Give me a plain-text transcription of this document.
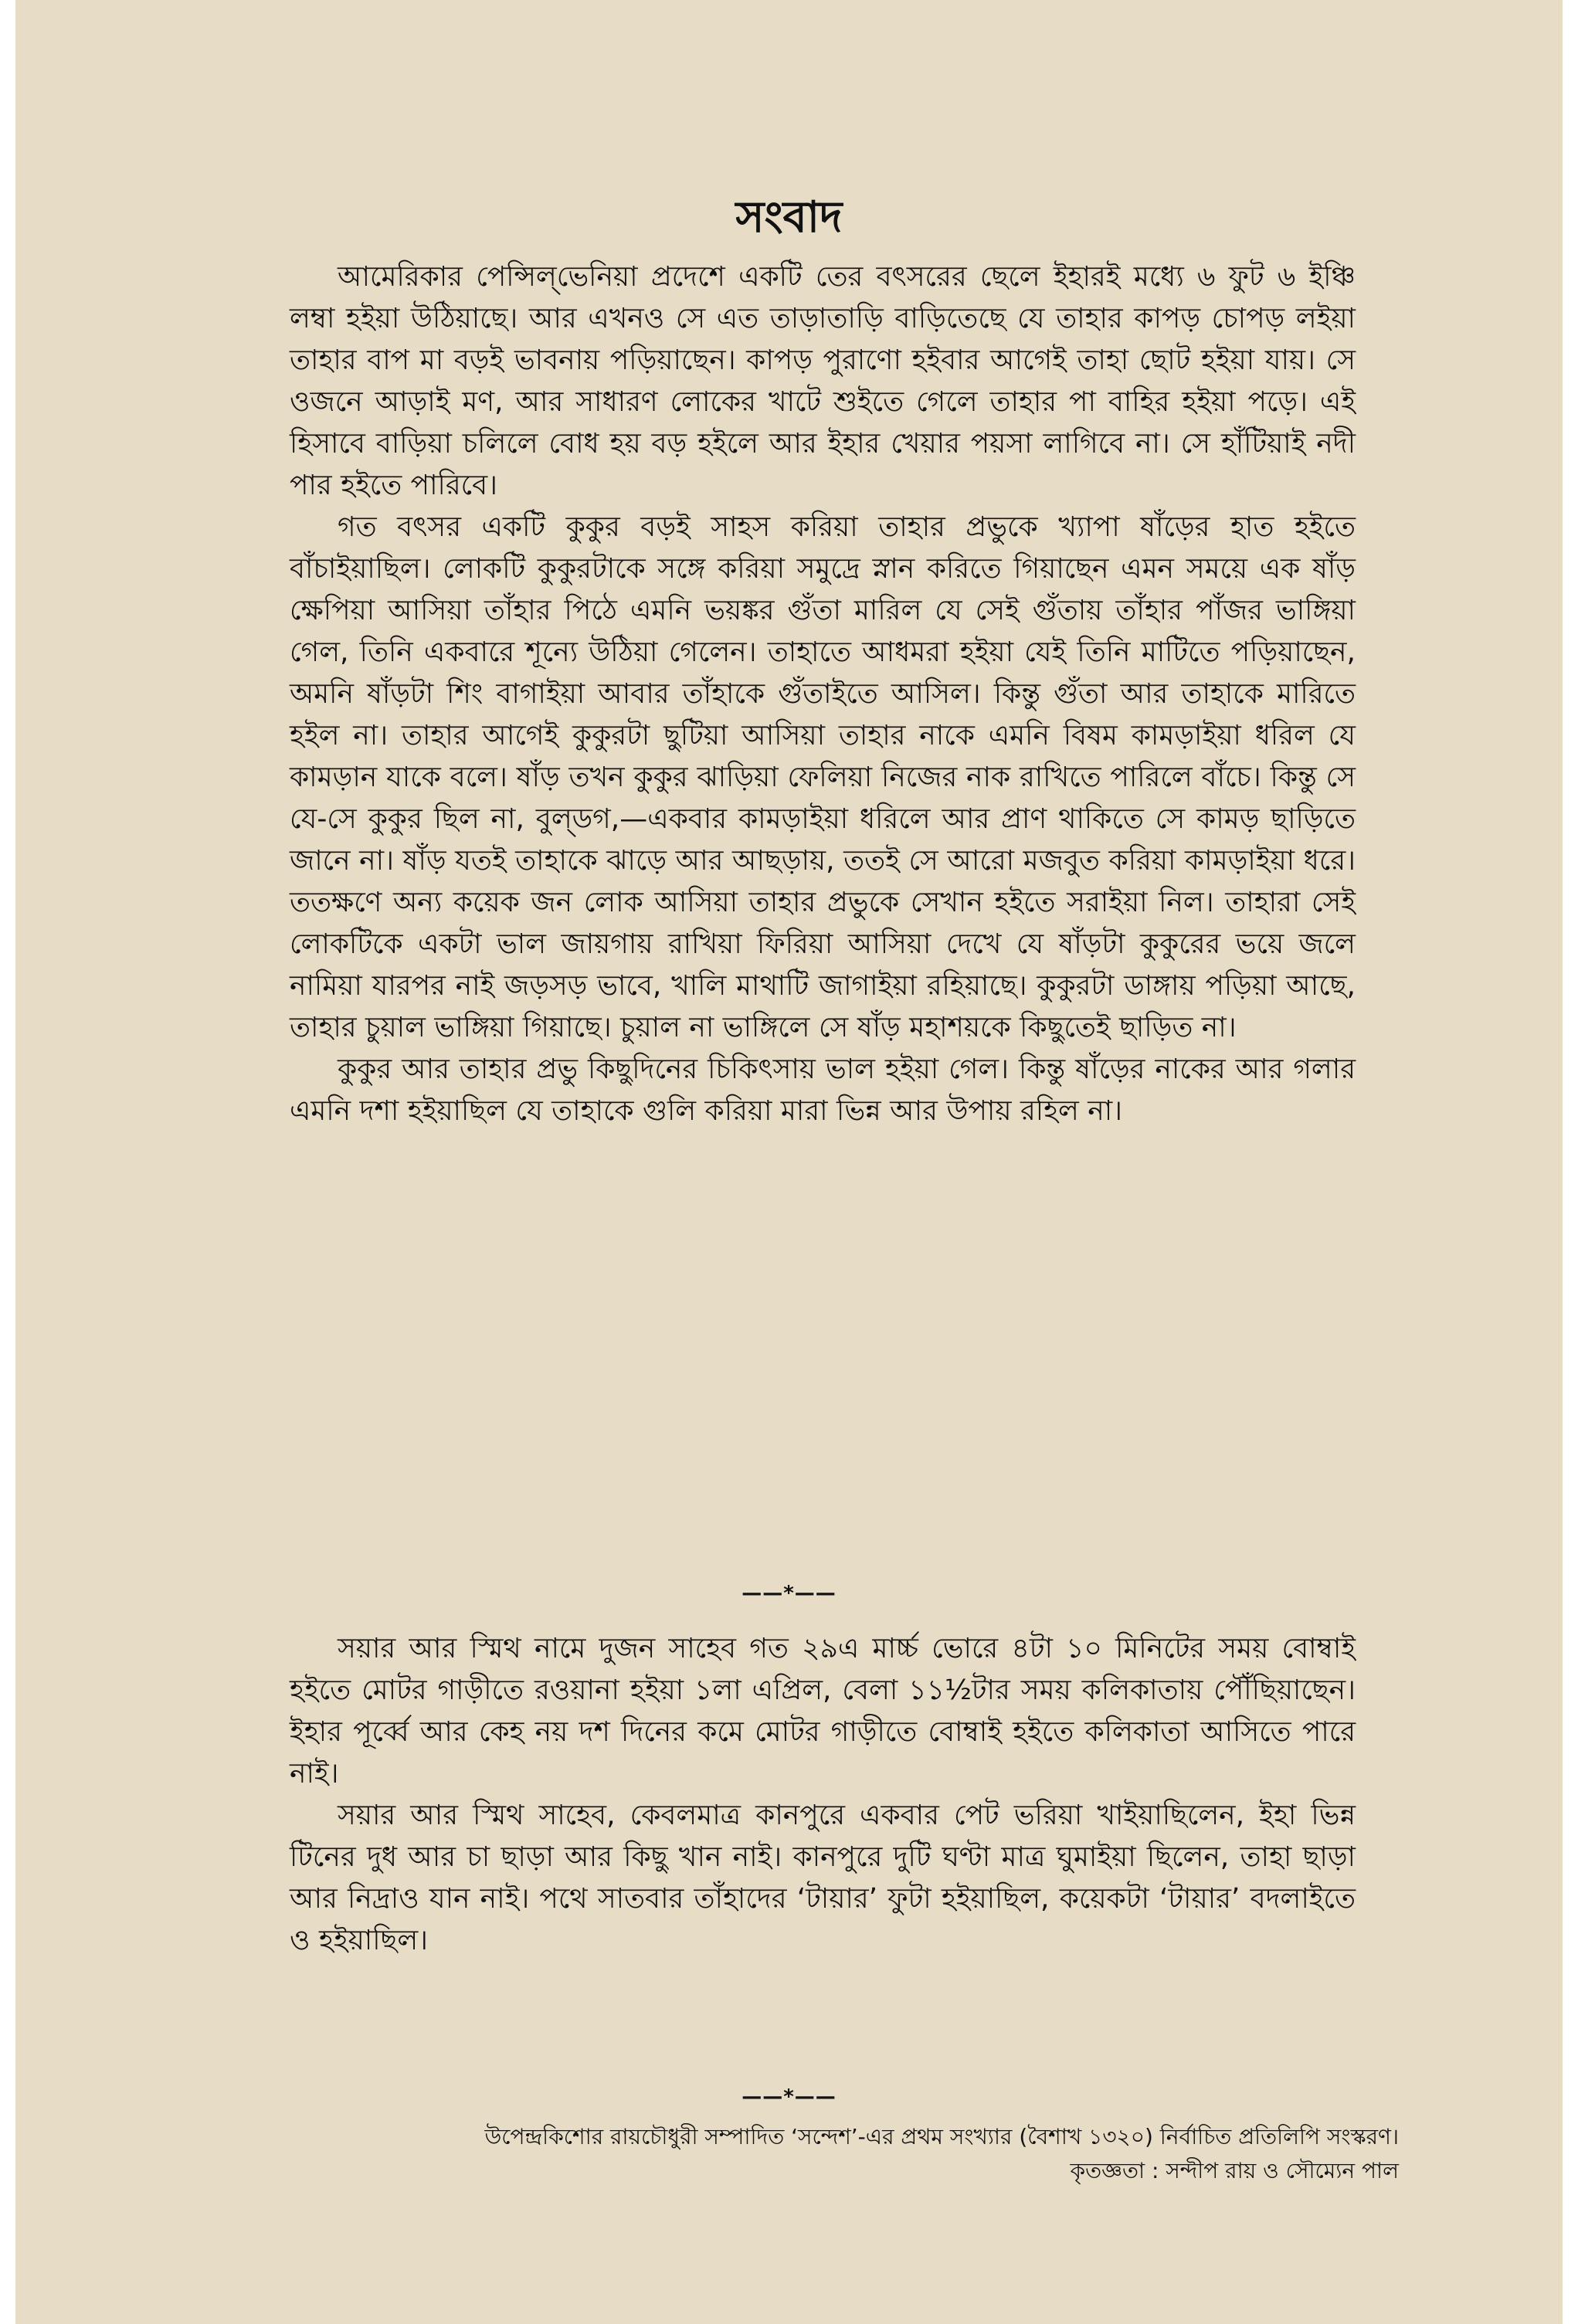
সংবাদ

আমেরিকার পেন্সিল্‌ভেনিয়া প্রদেশে একটি তের বৎসরের ছেলে ইহারই মধ্যে ৬ ফুট ৬ ইঞ্চি লম্বা হইয়া উঠিয়াছে। আর এখনও সে এত তাড়াতাড়ি বাড়িতেছে যে তাহার কাপড় চোপড় লইয়া তাহার বাপ মা বড়ই ভাবনায় পড়িয়াছেন। কাপড় পুরাণো হইবার আগেই তাহা ছোট হইয়া যায়। সে ওজনে আড়াই মণ, আর সাধারণ লোকের খাটে শুইতে গেলে তাহার পা বাহির হইয়া পড়ে। এই হিসাবে বাড়িয়া চলিলে বোধ হয় বড় হইলে আর ইহার খেয়ার পয়সা লাগিবে না। সে হাঁটিয়াই নদী পার হইতে পারিবে।

গত বৎসর একটি কুকুর বড়ই সাহস করিয়া তাহার প্রভুকে খ্যাপা ষাঁড়ের হাত হইতে বাঁচাইয়াছিল। লোকটি কুকুরটাকে সঙ্গে করিয়া সমুদ্রে স্নান করিতে গিয়াছেন এমন সময়ে এক ষাঁড় ক্ষেপিয়া আসিয়া তাঁহার পিঠে এমনি ভয়ঙ্কর গুঁতা মারিল যে সেই গুঁতায় তাঁহার পাঁজর ভাঙ্গিয়া গেল, তিনি একবারে শূন্যে উঠিয়া গেলেন। তাহাতে আধমরা হইয়া যেই তিনি মাটিতে পড়িয়াছেন, অমনি ষাঁড়টা শিং বাগাইয়া আবার তাঁহাকে গুঁতাইতে আসিল। কিন্তু গুঁতা আর তাহাকে মারিতে হইল না। তাহার আগেই কুকুরটা ছুটিয়া আসিয়া তাহার নাকে এমনি বিষম কামড়াইয়া ধরিল যে কামড়ান যাকে বলে। ষাঁড় তখন কুকুর ঝাড়িয়া ফেলিয়া নিজের নাক রাখিতে পারিলে বাঁচে। কিন্তু সে যে-সে কুকুর ছিল না, বুল্‌ডগ,—একবার কামড়াইয়া ধরিলে আর প্রাণ থাকিতে সে কামড় ছাড়িতে জানে না। ষাঁড় যতই তাহাকে ঝাড়ে আর আছড়ায়, ততই সে আরো মজবুত করিয়া কামড়াইয়া ধরে। ততক্ষণে অন্য কয়েক জন লোক আসিয়া তাহার প্রভুকে সেখান হইতে সরাইয়া নিল। তাহারা সেই লোকটিকে একটা ভাল জায়গায় রাখিয়া ফিরিয়া আসিয়া দেখে যে ষাঁড়টা কুকুরের ভয়ে জলে নামিয়া যারপর নাই জড়সড় ভাবে, খালি মাথাটি জাগাইয়া রহিয়াছে। কুকুরটা ডাঙ্গায় পড়িয়া আছে, তাহার চুয়াল ভাঙ্গিয়া গিয়াছে। চুয়াল না ভাঙ্গিলে সে ষাঁড় মহাশয়কে কিছুতেই ছাড়িত না।

কুকুর আর তাহার প্রভু কিছুদিনের চিকিৎসায় ভাল হইয়া গেল। কিন্তু ষাঁড়ের নাকের আর গলার এমনি দশা হইয়াছিল যে তাহাকে গুলি করিয়া মারা ভিন্ন আর উপায় রহিল না।

——*——

সয়ার আর স্মিথ নামে দুজন সাহেব গত ২৯এ মার্চ্চ ভোরে ৪টা ১০ মিনিটের সময় বোম্বাই হইতে মোটর গাড়ীতে রওয়ানা হইয়া ১লা এপ্রিল, বেলা ১১½টার সময় কলিকাতায় পৌঁছিয়াছেন। ইহার পূর্ব্বে আর কেহ নয় দশ দিনের কমে মোটর গাড়ীতে বোম্বাই হইতে কলিকাতা আসিতে পারে নাই।

সয়ার আর স্মিথ সাহেব, কেবলমাত্র কানপুরে একবার পেট ভরিয়া খাইয়াছিলেন, ইহা ভিন্ন টিনের দুধ আর চা ছাড়া আর কিছু খান নাই। কানপুরে দুটি ঘণ্টা মাত্র ঘুমাইয়া ছিলেন, তাহা ছাড়া আর নিদ্রাও যান নাই। পথে সাতবার তাঁহাদের ‘টায়ার’ ফুটা হইয়াছিল, কয়েকটা ‘টায়ার’ বদলাইতে ও হইয়াছিল।

——*——
উপেন্দ্রকিশোর রায়চৌধুরী সম্পাদিত ‘সন্দেশ’-এর প্রথম সংখ্যার (বৈশাখ ১৩২০) নির্বাচিত প্রতিলিপি সংস্করণ।
কৃতজ্ঞতা : সন্দীপ রায় ও সৌম্যেন পাল
